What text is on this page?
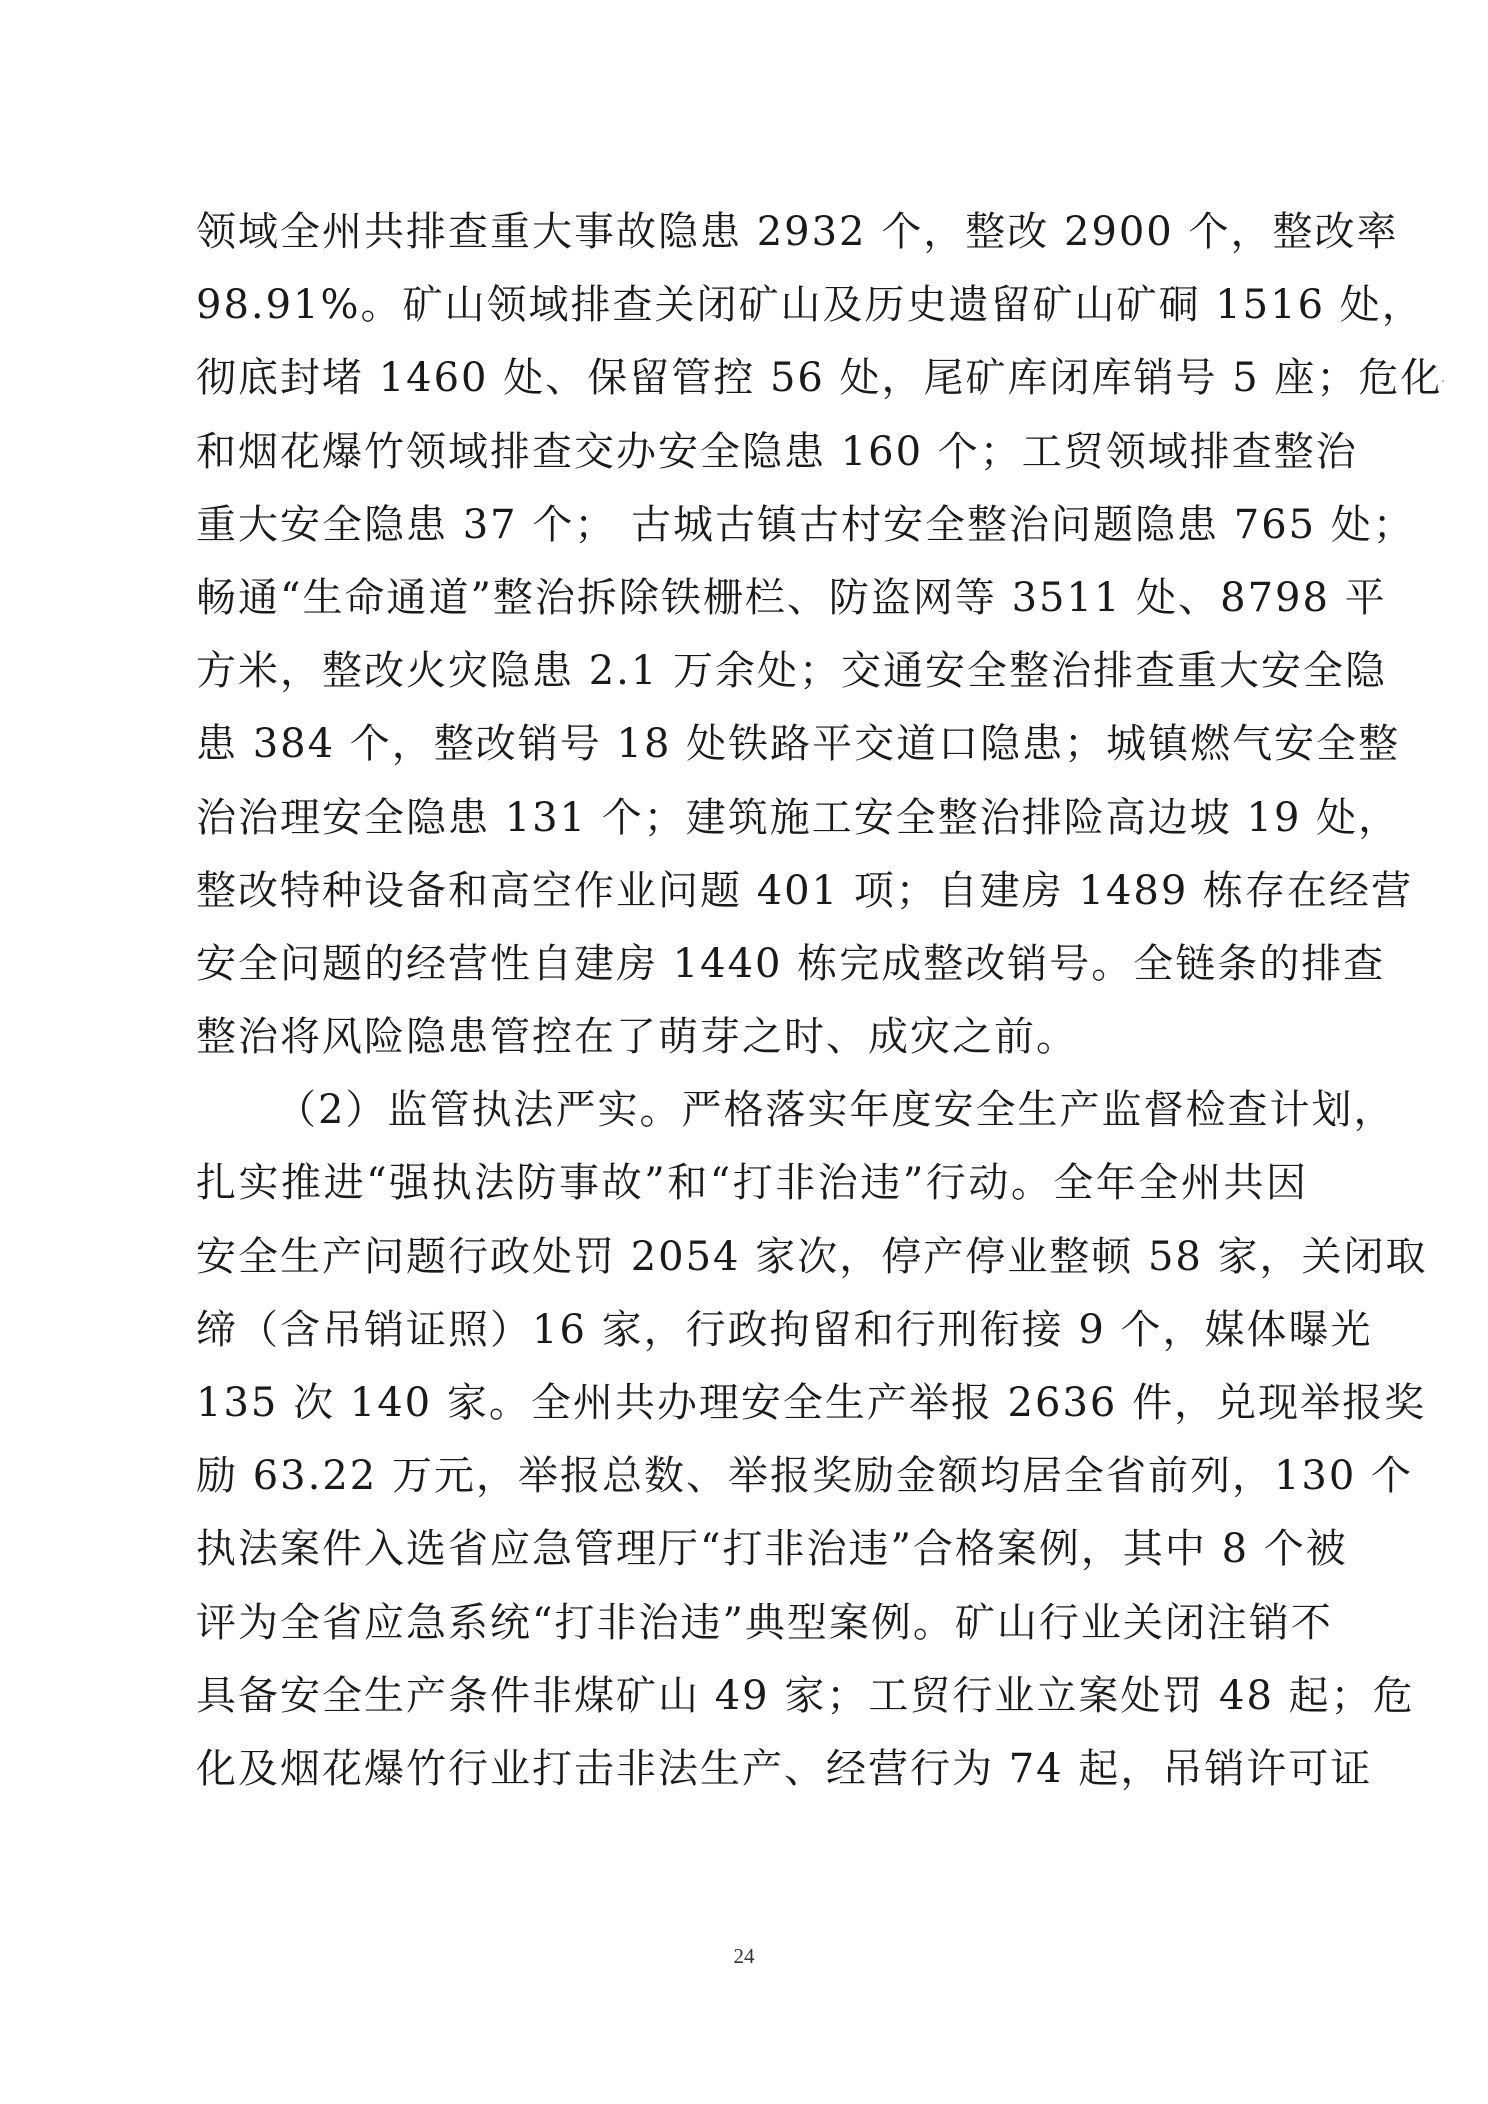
领域全州共排查重大事故隐患 2932 个，整改 2900 个，整改率
98.91%。矿山领域排查关闭矿山及历史遗留矿山矿硐 1516 处，
彻底封堵 1460 处、保留管控 56 处，尾矿库闭库销号 5 座；危化
和烟花爆竹领域排查交办安全隐患 160 个；工贸领域排查整治
重大安全隐患 37 个； 古城古镇古村安全整治问题隐患 765 处；
畅通“生命通道”整治拆除铁栅栏、防盗网等 3511 处、8798 平
方米，整改火灾隐患 2.1 万余处；交通安全整治排查重大安全隐
患 384 个，整改销号 18 处铁路平交道口隐患；城镇燃气安全整
治治理安全隐患 131 个；建筑施工安全整治排险高边坡 19 处，
整改特种设备和高空作业问题 401 项；自建房 1489 栋存在经营
安全问题的经营性自建房 1440 栋完成整改销号。全链条的排查
整治将风险隐患管控在了萌芽之时、成灾之前。
（2）监管执法严实。严格落实年度安全生产监督检查计划，
扎实推进“强执法防事故”和“打非治违”行动。全年全州共因
安全生产问题行政处罚 2054 家次，停产停业整顿 58 家，关闭取
缔（含吊销证照）16 家，行政拘留和行刑衔接 9 个，媒体曝光
135 次 140 家。全州共办理安全生产举报 2636 件，兑现举报奖
励 63.22 万元，举报总数、举报奖励金额均居全省前列，130 个
执法案件入选省应急管理厅“打非治违”合格案例，其中 8 个被
评为全省应急系统“打非治违”典型案例。矿山行业关闭注销不
具备安全生产条件非煤矿山 49 家；工贸行业立案处罚 48 起；危
化及烟花爆竹行业打击非法生产、经营行为 74 起，吊销许可证
24
